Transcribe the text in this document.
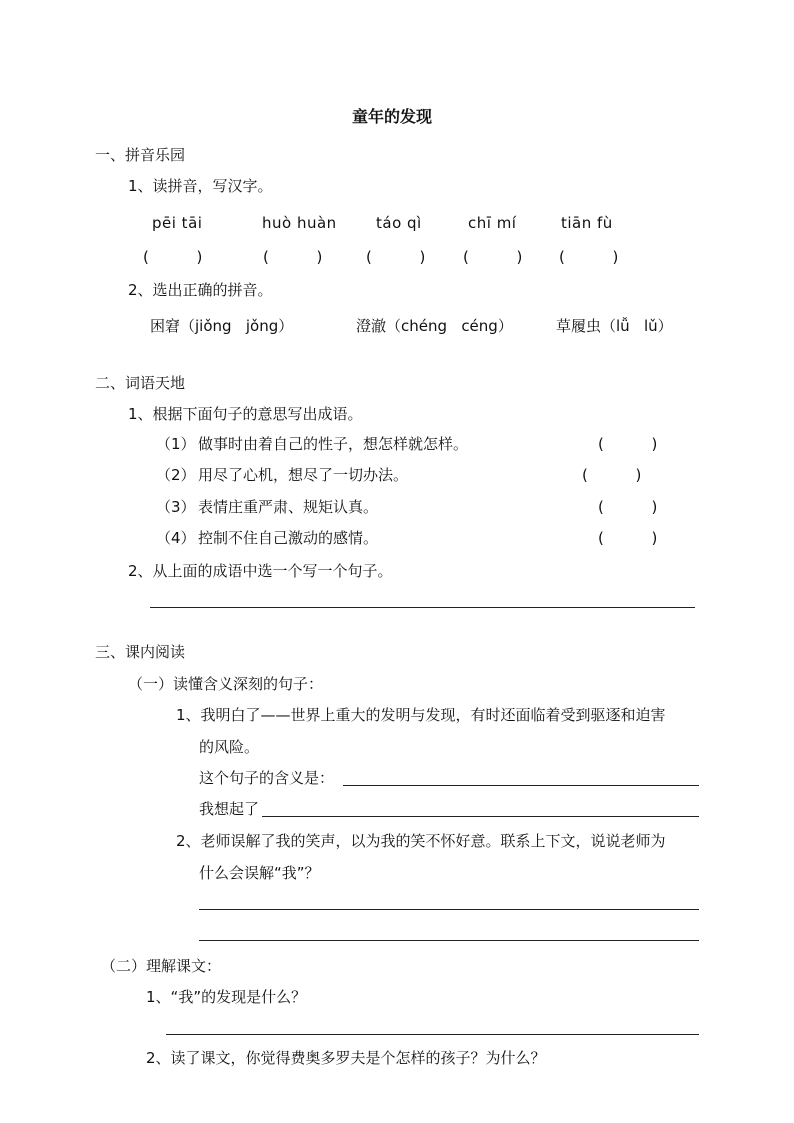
童年的发现
一、拼音乐园
1、读拼音，写汉字。
pēi tāi	huò huàn	táo qì	chī mí	tiān fù
(          )	(          )	(          )	(          ) (          )
2、选出正确的拼音。
困窘（jiǒng   jǒng）	澄澈（chéng   céng）	草履虫（lǚ   lǔ）
二、词语天地
1、根据下面句子的意思写出成语。
（1） 做事时由着自己的性子，想怎样就怎样。	(          )
（2） 用尽了心机，想尽了一切办法。	(          )
（3） 表情庄重严肃、规矩认真。	(          )
（4） 控制不住自己激动的感情。	(          )
2、从上面的成语中选一个写一个句子。
三、课内阅读
（一）读懂含义深刻的句子：
1、我明白了——世界上重大的发明与发现，有时还面临着受到驱逐和迫害
的风险。
这个句子的含义是：
我想起了
2、老师误解了我的笑声，以为我的笑不怀好意。联系上下文，说说老师为
什么会误解“我”？
（二）理解课文：
1、“我”的发现是什么？
2、读了课文，你觉得费奥多罗夫是个怎样的孩子？为什么？
